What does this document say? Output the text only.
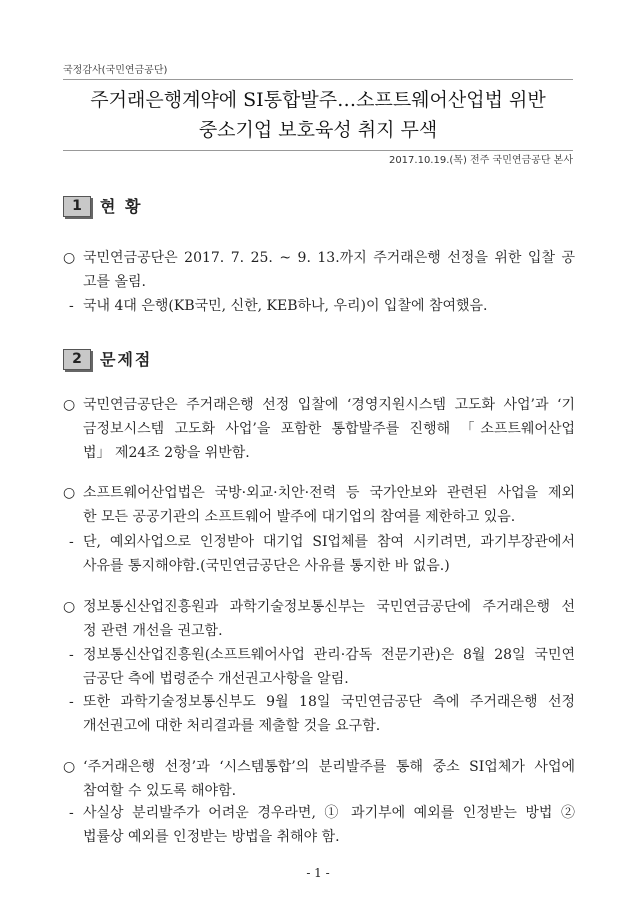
국정감사(국민연금공단)
주거래은행계약에 SI통합발주…소프트웨어산업법 위반
중소기업 보호육성 취지 무색
2017.10.19.(목) 전주 국민연금공단 본사
1	현 황
○ 국민연금공단은 2017. 7. 25. ~ 9. 13.까지 주거래은행 선정을 위한 입찰 공
고를 올림.
- 국내 4대 은행(KB국민, 신한, KEB하나, 우리)이 입찰에 참여했음.
2	문제점
○ 국민연금공단은 주거래은행 선정 입찰에 ‘경영지원시스템 고도화 사업’과 ‘기
금정보시스템 고도화 사업’을 포함한 통합발주를 진행해 「소프트웨어산업
법」 제24조 2항을 위반함.
○ 소프트웨어산업법은 국방·외교·치안·전력 등 국가안보와 관련된 사업을 제외
한 모든 공공기관의 소프트웨어 발주에 대기업의 참여를 제한하고 있음.
- 단, 예외사업으로 인정받아 대기업 SI업체를 참여 시키려면, 과기부장관에서
사유를 통지해야함.(국민연금공단은 사유를 통지한 바 없음.)
○ 정보통신산업진흥원과 과학기술정보통신부는 국민연금공단에 주거래은행 선
정 관련 개선을 권고함.
- 정보통신산업진흥원(소프트웨어사업 관리·감독 전문기관)은 8월 28일 국민연
금공단 측에 법령준수 개선권고사항을 알림.
- 또한 과학기술정보통신부도 9월 18일 국민연금공단 측에 주거래은행 선정
개선권고에 대한 처리결과를 제출할 것을 요구함.
○ ‘주거래은행 선정’과 ‘시스템통합’의 분리발주를 통해 중소 SI업체가 사업에
참여할 수 있도록 해야함.
- 사실상 분리발주가 어려운 경우라면, ① 과기부에 예외를 인정받는 방법 ②
법률상 예외를 인정받는 방법을 취해야 함.
- 1 -
